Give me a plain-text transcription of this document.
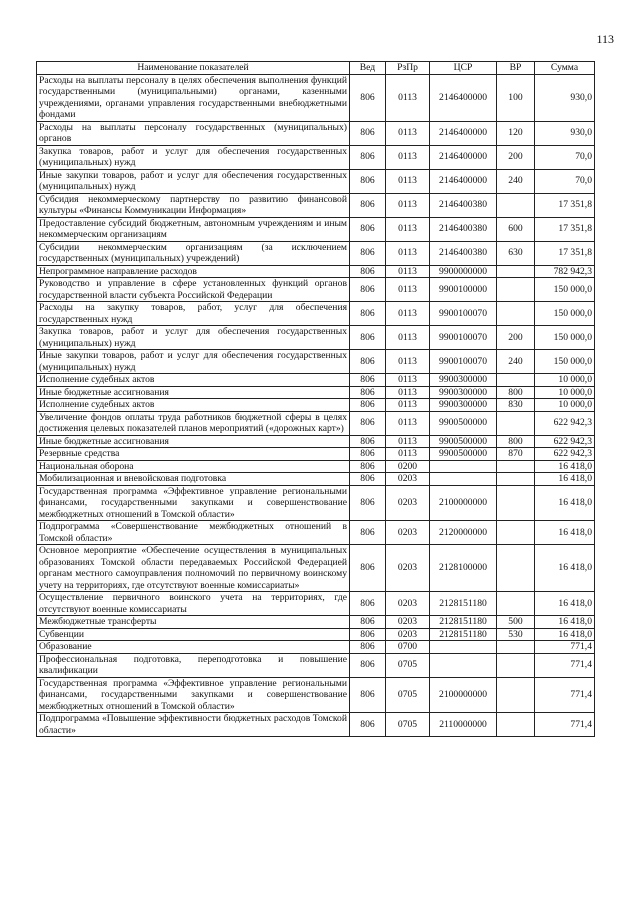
113
Наименование показателей	Вед	РзПр	ЦСР	ВР	Сумма
Расходы на выплаты персоналу в целях обеспечения выполнения функций государственными (муниципальными) органами, казенными учреждениями, органами управления государственными внебюджетными фондами	806	0113	2146400000	100	930,0
Расходы на выплаты персоналу государственных (муниципальных) органов	806	0113	2146400000	120	930,0
Закупка товаров, работ и услуг для обеспечения государственных (муниципальных) нужд	806	0113	2146400000	200	70,0
Иные закупки товаров, работ и услуг для обеспечения государственных (муниципальных) нужд	806	0113	2146400000	240	70,0
Субсидия некоммерческому партнерству по развитию финансовой культуры «Финансы Коммуникации Информация»	806	0113	2146400380		17 351,8
Предоставление субсидий бюджетным, автономным учреждениям и иным некоммерческим организациям	806	0113	2146400380	600	17 351,8
Субсидии некоммерческим организациям (за исключением государственных (муниципальных) учреждений)	806	0113	2146400380	630	17 351,8
Непрограммное направление расходов	806	0113	9900000000		782 942,3
Руководство и управление в сфере установленных функций органов государственной власти субъекта Российской Федерации	806	0113	9900100000		150 000,0
Расходы на закупку товаров, работ, услуг для обеспечения государственных нужд	806	0113	9900100070		150 000,0
Закупка товаров, работ и услуг для обеспечения государственных (муниципальных) нужд	806	0113	9900100070	200	150 000,0
Иные закупки товаров, работ и услуг для обеспечения государственных (муниципальных) нужд	806	0113	9900100070	240	150 000,0
Исполнение судебных актов	806	0113	9900300000		10 000,0
Иные бюджетные ассигнования	806	0113	9900300000	800	10 000,0
Исполнение судебных актов	806	0113	9900300000	830	10 000,0
Увеличение фондов оплаты труда работников бюджетной сферы в целях достижения целевых показателей планов мероприятий («дорожных карт»)	806	0113	9900500000		622 942,3
Иные бюджетные ассигнования	806	0113	9900500000	800	622 942,3
Резервные средства	806	0113	9900500000	870	622 942,3
Национальная оборона	806	0200			16 418,0
Мобилизационная и вневойсковая подготовка	806	0203			16 418,0
Государственная программа «Эффективное управление региональными финансами, государственными закупками и совершенствование межбюджетных отношений в Томской области»	806	0203	2100000000		16 418,0
Подпрограмма «Совершенствование межбюджетных отношений в Томской области»	806	0203	2120000000		16 418,0
Основное мероприятие «Обеспечение осуществления в муниципальных образованиях Томской области передаваемых Российской Федерацией органам местного самоуправления полномочий по первичному воинскому учету на территориях, где отсутствуют военные комиссариаты»	806	0203	2128100000		16 418,0
Осуществление первичного воинского учета на территориях, где отсутствуют военные комиссариаты	806	0203	2128151180		16 418,0
Межбюджетные трансферты	806	0203	2128151180	500	16 418,0
Субвенции	806	0203	2128151180	530	16 418,0
Образование	806	0700			771,4
Профессиональная подготовка, переподготовка и повышение квалификации	806	0705			771,4
Государственная программа «Эффективное управление региональными финансами, государственными закупками и совершенствование межбюджетных отношений в Томской области»	806	0705	2100000000		771,4
Подпрограмма «Повышение эффективности бюджетных расходов Томской области»	806	0705	2110000000		771,4
